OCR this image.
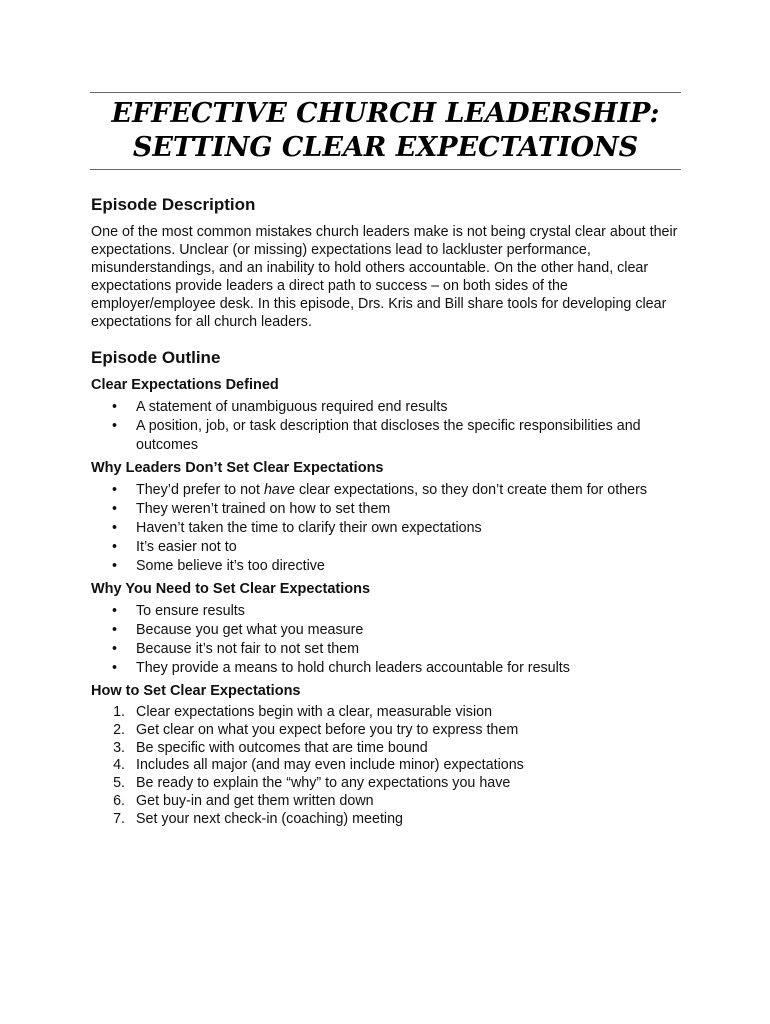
EFFECTIVE CHURCH LEADERSHIP:
SETTING CLEAR EXPECTATIONS
Episode Description

One of the most common mistakes church leaders make is not being crystal clear about their expectations. Unclear (or missing) expectations lead to lackluster performance, misunderstandings, and an inability to hold others accountable. On the other hand, clear expectations provide leaders a direct path to success – on both sides of the employer/employee desk. In this episode, Drs. Kris and Bill share tools for developing clear expectations for all church leaders.

Episode Outline
Clear Expectations Defined
• A statement of unambiguous required end results
• A position, job, or task description that discloses the specific responsibilities and outcomes
Why Leaders Don’t Set Clear Expectations
• They’d prefer to not have clear expectations, so they don’t create them for others
• They weren’t trained on how to set them
• Haven’t taken the time to clarify their own expectations
• It’s easier not to
• Some believe it’s too directive
Why You Need to Set Clear Expectations
• To ensure results
• Because you get what you measure
• Because it’s not fair to not set them
• They provide a means to hold church leaders accountable for results
How to Set Clear Expectations
1. Clear expectations begin with a clear, measurable vision
2. Get clear on what you expect before you try to express them
3. Be specific with outcomes that are time bound
4. Includes all major (and may even include minor) expectations
5. Be ready to explain the “why” to any expectations you have
6. Get buy-in and get them written down
7. Set your next check-in (coaching) meeting
